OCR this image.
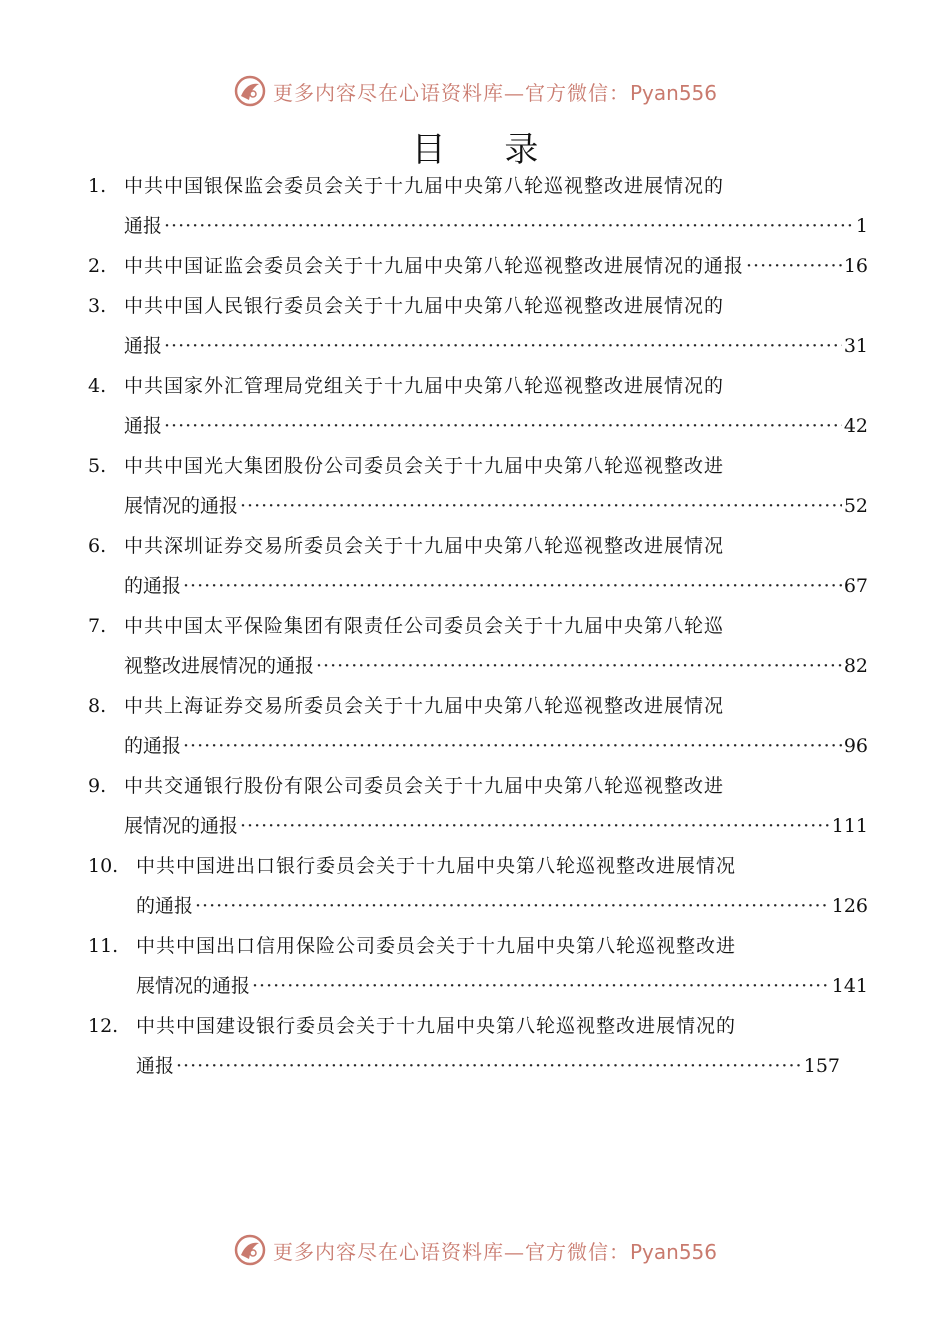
更多内容尽在心语资料库—官方微信：Pyan556
目 录
1. 中共中国银保监会委员会关于十九届中央第八轮巡视整改进展情况的
通报 ·····	1
2. 中共中国证监会委员会关于十九届中央第八轮巡视整改进展情况的通报 ·····	16
3. 中共中国人民银行委员会关于十九届中央第八轮巡视整改进展情况的
通报 ·····	31
4. 中共国家外汇管理局党组关于十九届中央第八轮巡视整改进展情况的
通报 ·····	42
5. 中共中国光大集团股份公司委员会关于十九届中央第八轮巡视整改进
展情况的通报 ·····	52
6. 中共深圳证券交易所委员会关于十九届中央第八轮巡视整改进展情况
的通报 ·····	67
7. 中共中国太平保险集团有限责任公司委员会关于十九届中央第八轮巡
视整改进展情况的通报 ·····	82
8. 中共上海证券交易所委员会关于十九届中央第八轮巡视整改进展情况
的通报 ·····	96
9. 中共交通银行股份有限公司委员会关于十九届中央第八轮巡视整改进
展情况的通报 ·····	111
10. 中共中国进出口银行委员会关于十九届中央第八轮巡视整改进展情况
的通报 ·····	126
11. 中共中国出口信用保险公司委员会关于十九届中央第八轮巡视整改进
展情况的通报 ·····	141
12. 中共中国建设银行委员会关于十九届中央第八轮巡视整改进展情况的
通报 ·····	157
更多内容尽在心语资料库—官方微信：Pyan556
